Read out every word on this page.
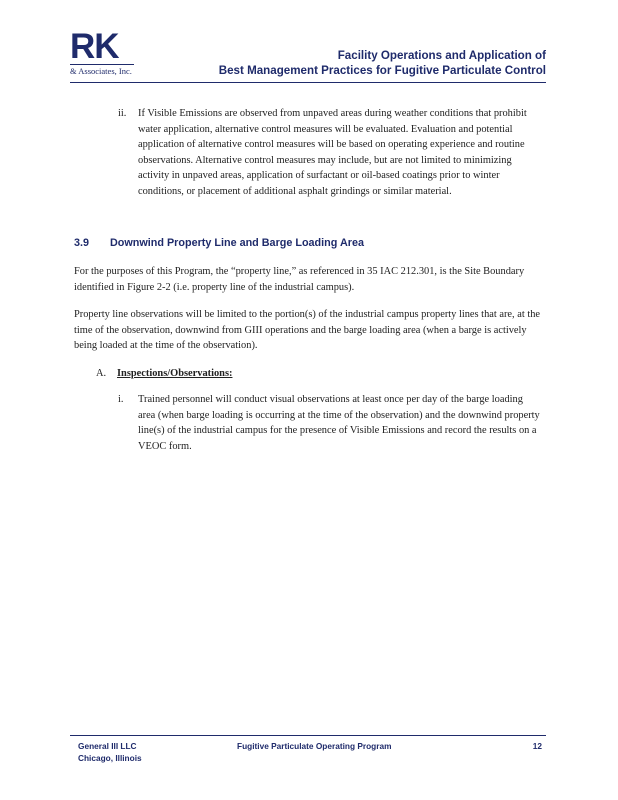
RK
& Associates, Inc.
Facility Operations and Application of
Best Management Practices for Fugitive Particulate Control
ii. If Visible Emissions are observed from unpaved areas during weather conditions that prohibit water application, alternative control measures will be evaluated. Evaluation and potential application of alternative control measures will be based on operating experience and routine observations. Alternative control measures may include, but are not limited to minimizing activity in unpaved areas, application of surfactant or oil-based coatings prior to winter conditions, or placement of additional asphalt grindings or similar material.
3.9 Downwind Property Line and Barge Loading Area
For the purposes of this Program, the “property line,” as referenced in 35 IAC 212.301, is the Site Boundary identified in Figure 2-2 (i.e. property line of the industrial campus).
Property line observations will be limited to the portion(s) of the industrial campus property lines that are, at the time of the observation, downwind from GIII operations and the barge loading area (when a barge is actively being loaded at the time of the observation).
A. Inspections/Observations:
i. Trained personnel will conduct visual observations at least once per day of the barge loading area (when barge loading is occurring at the time of the observation) and the downwind property line(s) of the industrial campus for the presence of Visible Emissions and record the results on a VEOC form.
General III LLC
Chicago, Illinois
Fugitive Particulate Operating Program	12
